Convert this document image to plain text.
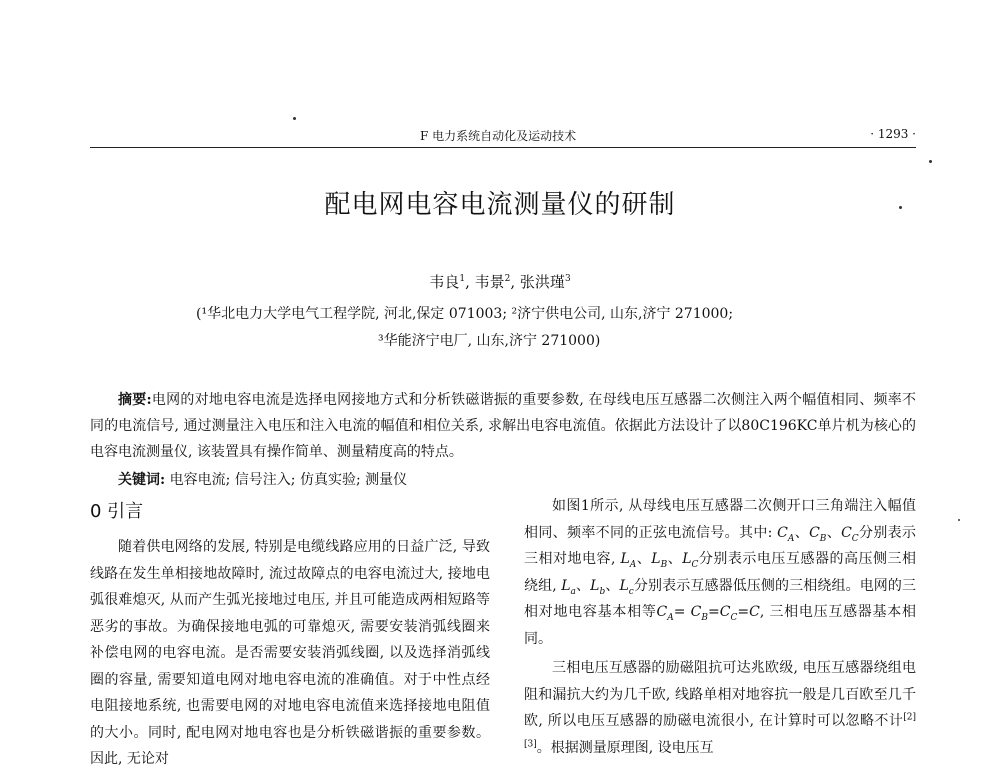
F 电力系统自动化及运动技术	· 1293 ·
配电网电容电流测量仪的研制
韦良$^1$, 韦景$^2$, 张洪瑾$^3$
(¹华北电力大学电气工程学院, 河北,保定 071003; ²济宁供电公司, 山东,济宁 271000;
³华能济宁电厂, 山东,济宁 271000)

摘要:电网的对地电容电流是选择电网接地方式和分析铁磁谐振的重要参数, 在母线电压互感器二次侧注入两个幅值相同、频率不同的电流信号, 通过测量注入电压和注入电流的幅值和相位关系, 求解出电容电流值。依据此方法设计了以80C196KC单片机为核心的电容电流测量仪, 该装置具有操作简单、测量精度高的特点。

关键词: 电容电流; 信号注入; 仿真实验; 测量仪
0 引言

随着供电网络的发展, 特别是电缆线路应用的日益广泛, 导致线路在发生单相接地故障时, 流过故障点的电容电流过大, 接地电弧很难熄灭, 从而产生弧光接地过电压, 并且可能造成两相短路等恶劣的事故。为确保接地电弧的可靠熄灭, 需要安装消弧线圈来补偿电网的电容电流。是否需要安装消弧线圈, 以及选择消弧线圈的容量, 需要知道电网对地电容电流的准确值。对于中性点经电阻接地系统, 也需要电网的对地电容电流值来选择接地电阻值的大小。同时, 配电网对地电容也是分析铁磁谐振的重要参数。因此, 无论对

如图1所示, 从母线电压互感器二次侧开口三角端注入幅值相同、频率不同的正弦电流信号。其中: $C_A$、$C_B$、$C_C$分别表示三相对地电容, $L_A$、$L_B$、$L_C$分别表示电压互感器的高压侧三相绕组, $L_a$、$L_b$、$L_c$分别表示互感器低压侧的三相绕组。电网的三相对地电容基本相等$C_A= C_B=C_C=C$, 三相电压互感器基本相同。

三相电压互感器的励磁阻抗可达兆欧级, 电压互感器绕组电阻和漏抗大约为几千欧, 线路单相对地容抗一般是几百欧至几千欧, 所以电压互感器的励磁电流很小, 在计算时可以忽略不计[2][3]。根据测量原理图, 设电压互
